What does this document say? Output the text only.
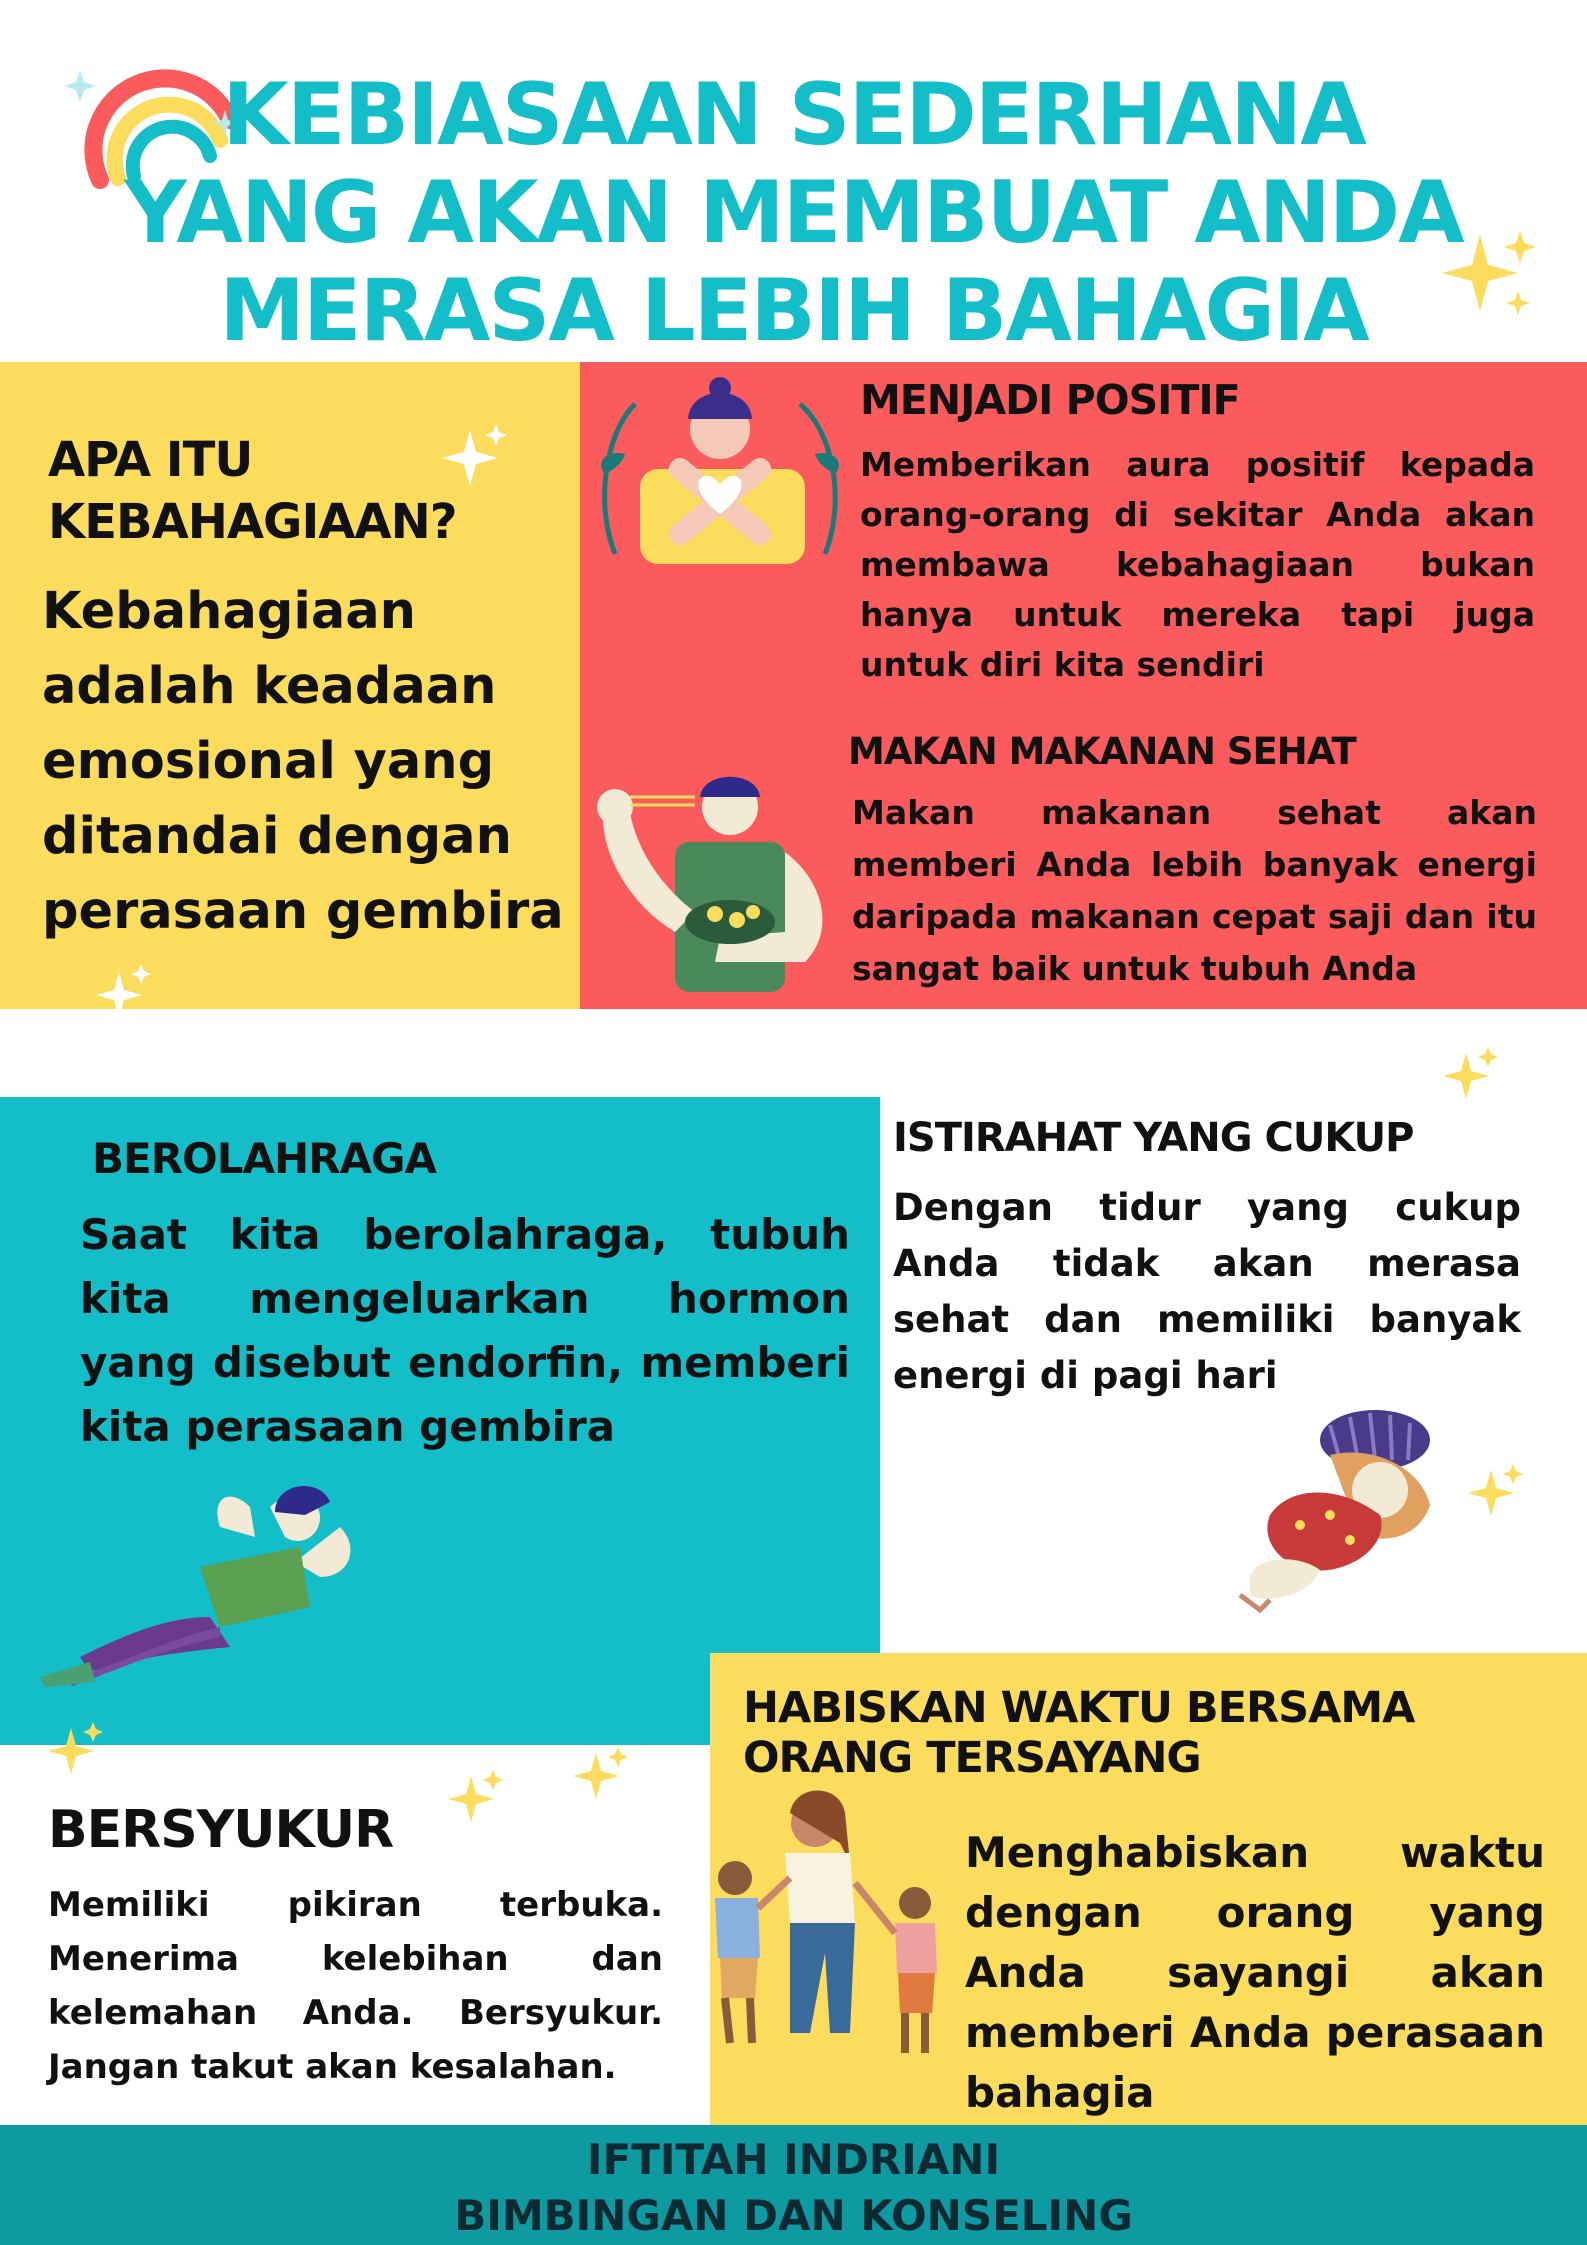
KEBIASAAN SEDERHANA
YANG AKAN MEMBUAT ANDA
MERASA LEBIH BAHAGIA
APA ITU
KEBAHAGIAAN?
Kebahagiaan
adalah keadaan
emosional yang
ditandai dengan
perasaan gembira
MENJADI POSITIF
Memberikan aura positif kepada orang-orang di sekitar Anda akan membawa kebahagiaan bukan hanya untuk mereka tapi juga untuk diri kita sendiri
MAKAN MAKANAN SEHAT
Makan makanan sehat akan memberi Anda lebih banyak energi daripada makanan cepat saji dan itu sangat baik untuk tubuh Anda
BEROLAHRAGA
Saat kita berolahraga, tubuh kita mengeluarkan hormon yang disebut endorfin, memberi kita perasaan gembira
ISTIRAHAT YANG CUKUP
Dengan tidur yang cukup Anda tidak akan merasa sehat dan memiliki banyak energi di pagi hari
HABISKAN WAKTU BERSAMA
ORANG TERSAYANG
Menghabiskan waktu dengan orang yang Anda sayangi akan memberi Anda perasaan bahagia
BERSYUKUR
Memiliki pikiran terbuka. Menerima kelebihan dan kelemahan Anda. Bersyukur. Jangan takut akan kesalahan.
IFTITAH INDRIANI
BIMBINGAN DAN KONSELING
